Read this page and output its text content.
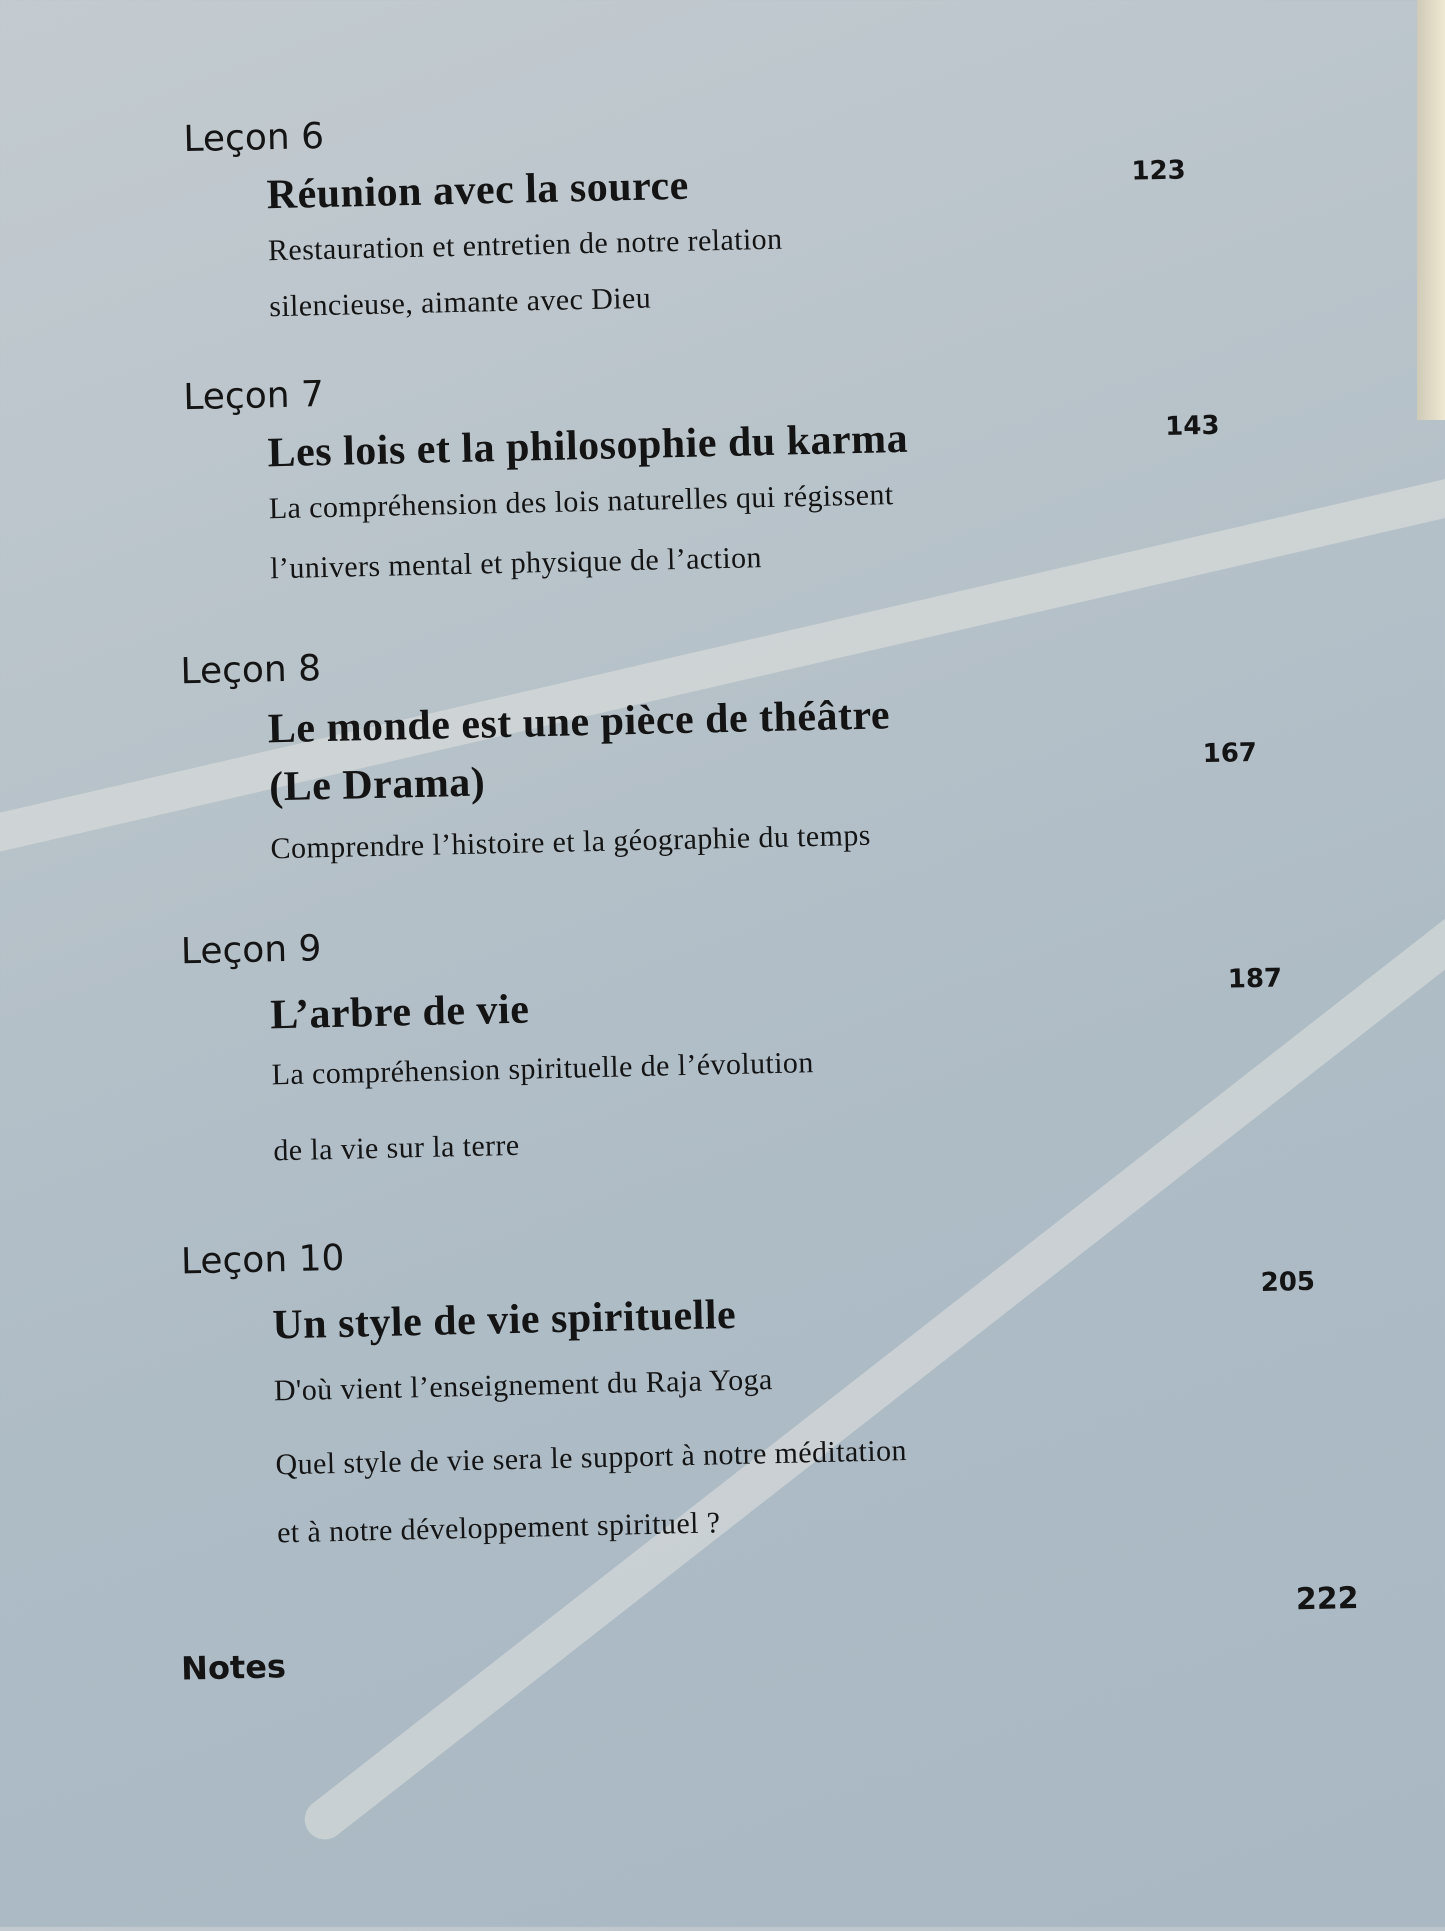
Leçon 6
Réunion avec la source	123
Restauration et entretien de notre relation
silencieuse, aimante avec Dieu
Leçon 7
Les lois et la philosophie du karma	143
La compréhension des lois naturelles qui régissent
l’univers mental et physique de l’action
Leçon 8
Le monde est une pièce de théâtre
(Le Drama)
167
Comprendre l’histoire et la géographie du temps
Leçon 9
L’arbre de vie
187
La compréhension spirituelle de l’évolution
de la vie sur la terre
Leçon 10
Un style de vie spirituelle
205
D'où vient l’enseignement du Raja Yoga
Quel style de vie sera le support à notre méditation
et à notre développement spirituel ?
Notes
222
